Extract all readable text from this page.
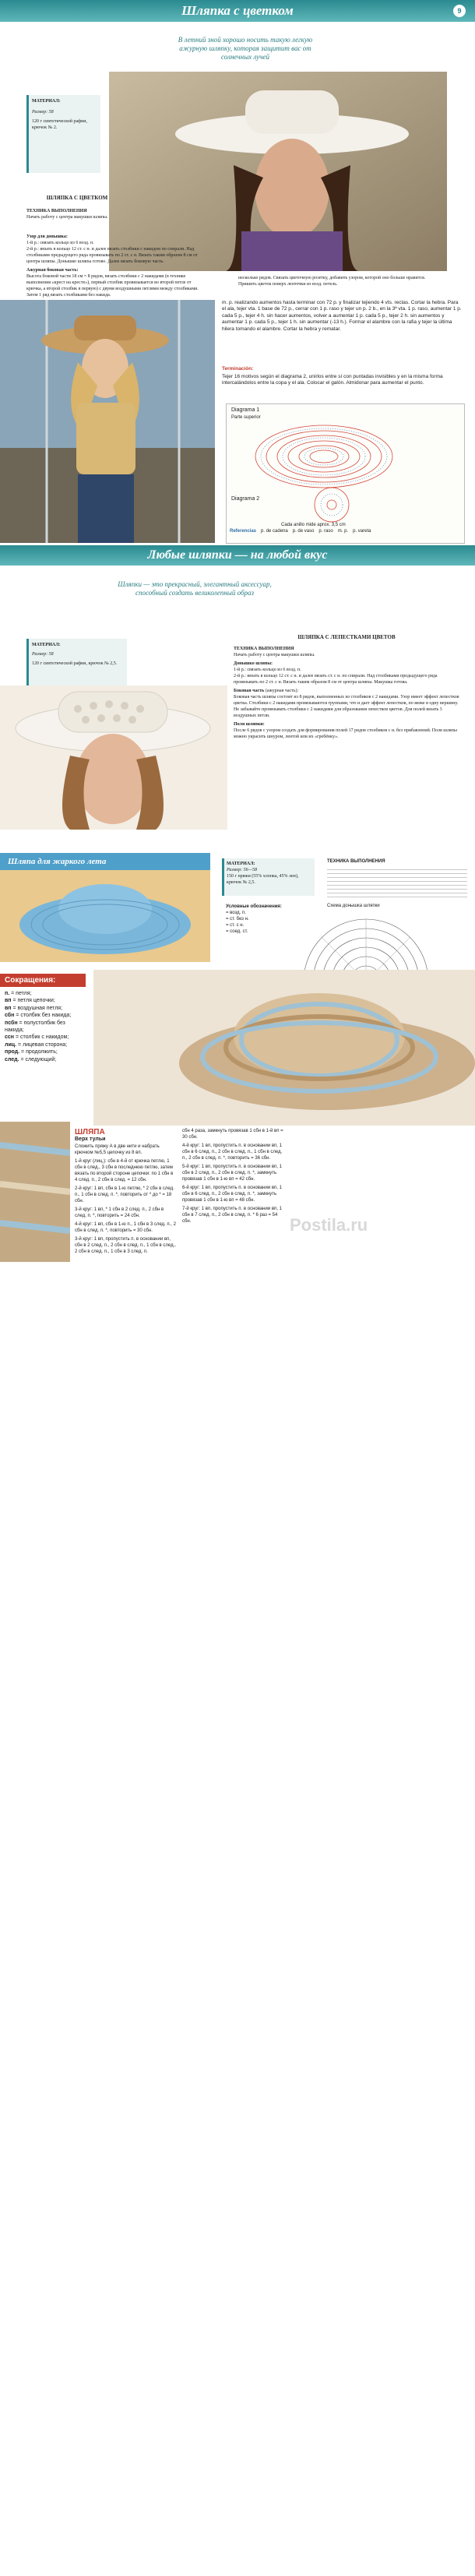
Шляпка с цветком	9
В летний зной хорошо носить такую легкую ажурную шляпку, которая защитит вас от солнечных лучей
МАТЕРИАЛ:
Размер: 58
120 г синтетической рафии, крючок № 2.
ШЛЯПКА С ЦВЕТКОМ
ТЕХНИКА ВЫПОЛНЕНИЯ
Начать работу с центра макушки шляпы.
Узор для донышка:
1-й р.: связать кольцо из 6 возд. п.
2-й р.: вязать в кольцо 12 ст. с н. и далее вязать столбики с накидом по спирали. Над столбиками предыдущего ряда провязывать по 2 ст. с н. Вязать таким образом 8 см от центра шляпы. Донышко шляпы готово. Далее вязать боковую часть.
Ажурная боковая часть:
Высота боковой части 18 см = 8 рядов, вязать столбики с 2 накидами (в технике выполнения «крест на кресте»), первый столбик провязывается во второй петле от крючка, а второй столбик в первую) с двумя воздушными петлями между столбиками. Затем 1 ряд вязать столбиками без накида.
несколько рядов. Связать цветочную розетку, добавить узором, которой оно больше нравится. Пришить цветок поверх ленточки из возд. петель.
m. p. realizando aumentos hasta terminar con 72 p. y finalizar tejiendo 4 vts. rectas. Cortar la hebra. Para el ala, tejer vta. 1 base de 72 p., cerrar con 1 p. raso y tejer un p. 2 b., en la 3ª vta. 1 p. raso, aumentar 1 p. cada 5 p., tejer 4 h. sin hacer aumentos, volver a aumentar 1 p. cada 5 p., tejer 2 h. sin aumentos y aumentar 1 p. cada 5 p., tejer 1 h. sin aumentar (-13 h.). Formar el alambre con la rafia y tejer la última hilera tomando el alambre. Cortar la hebra y rematar.
Terminación:
Tejer 16 motivos según el diagrama 2, unirlos entre sí con puntadas invisibles y en la misma forma intercalándolos entre la copa y el ala. Colocar el galón. Almidonar para aumentar el punto.
Diagrama 1
Parte superior
Diagrama 2
Cada anillo mide aprox. 3,5 cm
Referencias p. de cadena p. de vaso p. raso m. p. p. vareta
Любые шляпки — на любой вкус
Шляпки — это прекрасный, элегантный аксессуар, способный создать великолепный образ
МАТЕРИАЛ:
Размер: 58
120 г синтетической рафии, крючок № 2,5.
ШЛЯПКА С ЛЕПЕСТКАМИ ЦВЕТОВ
ТЕХНИКА ВЫПОЛНЕНИЯ
Начать работу с центра макушки шляпы.
Донышко шляпы:
1-й р.: связать кольцо из 6 возд. п.
2-й р.: вязать в кольцо 12 ст. с н. и далее вязать ст. с н. по спирали. Над столбиками предыдущего ряда провязывать по 2 ст. с н. Вязать таким образом 8 см от центра шляпы. Макушка готова.
Боковая часть (ажурная часть):
Боковая часть шляпы состоит из 8 рядов, выполненных из столбиков с 2 накидами. Узор имеет эффект лепестков цветка. Столбики с 2 накидами провязываются группами, что и дает эффект лепестков, по вязке в одну вершину. Не забывайте провязывать столбики с 2 накидами для образования лепестков цветов. Для полей вязать 3 воздушных петли.
Поля шляпки:
После 6 рядов с узором создать для формирования полей 17 рядов столбиков с н. без прибавлений. Поля шляпы можно украсить шнуром, лентой или их «гребёнку».
Шляпа для жаркого лета	МАТЕРИАЛ:
Размер: 56—58
150 г пряжи (55% хлопка, 45% лен), крючок № 2,5.
Условные обозначения:
= возд. п.
= ст. без н.
= ст. с н.
= соед. ст.
Схема донышка шляпки
ТЕХНИКА ВЫПОЛНЕНИЯ
Сокращения:
п. = петля;
вп = петля цепочки;
вп = воздушная петля;
сбн = столбик без накида;
псбн = полустолбик без накида;
ссн = столбик с накидом;
лиц. = лицевая сторона;
прод. = продолжить;
след. = следующий;
ШЛЯПА
Верх тульи
Сложить пряжу А в две нити и набрать крючком №5,5 цепочку из 8 вп.
1-й круг (лиц.): сбн в 4-й от крючка петлю, 1 сбн в след., 3 сбн в последнюю петлю, затем вязать по второй стороне цепочки: по 1 сбн в 4 след. п., 2 сбн в след. = 12 сбн.
2-й круг: 1 вп, сбн в 1-ю петлю, * 2 сбн в след. п., 1 сбн в след. п. *, повторить от * до * = 18 сбн.
3-й круг: 1 вп, * 1 сбн в 2 след. п., 2 сбн в след. п. *, повторить = 24 сбн.
4-й круг: 1 вп, сбн в 1-ю п., 1 сбн в 3 след. п., 2 сбн в след. п. *, повторить = 30 сбн.
3-й круг: 1 вп, пропустить п. в основании вп, сбн в 2 след. п., 2 сбн в след. п., 1 сбн в след., 2 сбн в след. п., 1 сбн в 3 след. п.
сбн 4 раза, замкнуть провязав 1 сбн в 1-й вп = 30 сбн.
4-й круг: 1 вп, пропустить п. в основании вп, 1 сбн в 6 след. п., 2 сбн в след. п., 1 сбн в след. п., 2 сбн в след. п. *, повторить = 36 сбн.
5-й круг: 1 вп, пропустить п. в основании вп, 1 сбн в 2 след. п., 2 сбн в след. п. *, замкнуть провязав 1 сбн в 1-ю вп = 42 сбн.
6-й круг: 1 вп, пропустить п. в основании вп, 1 сбн в 6 след. п., 2 сбн в след. п. *, замкнуть провязав 1 сбн в 1-ю вп = 48 сбн.
7-й круг: 1 вп, пропустить п. в основании вп, 1 сбн в 7 след. п., 2 сбн в след. п. * 6 раз = 54 сбн.	Postila.ru
